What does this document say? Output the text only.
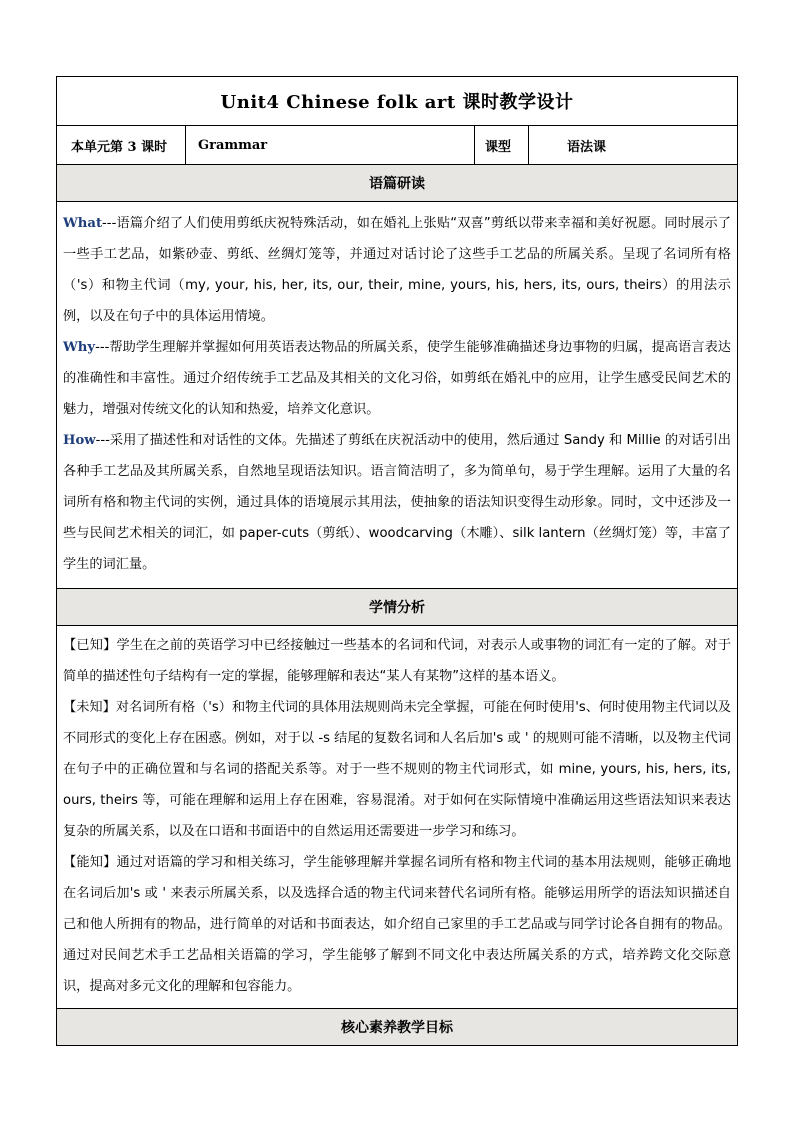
Unit4 Chinese folk art 课时教学设计
本单元第 3 课时	Grammar	课型	语法课
语篇研读

What---语篇介绍了人们使用剪纸庆祝特殊活动，如在婚礼上张贴“双喜”剪纸以带来幸福和美好祝愿。同时展示了一些手工艺品，如紫砂壶、剪纸、丝绸灯笼等，并通过对话讨论了这些手工艺品的所属关系。呈现了名词所有格（'s）和物主代词（my, your, his, her, its, our, their, mine, yours, his, hers, its, ours, theirs）的用法示例，以及在句子中的具体运用情境。

Why---帮助学生理解并掌握如何用英语表达物品的所属关系，使学生能够准确描述身边事物的归属，提高语言表达的准确性和丰富性。通过介绍传统手工艺品及其相关的文化习俗，如剪纸在婚礼中的应用，让学生感受民间艺术的魅力，增强对传统文化的认知和热爱，培养文化意识。

How---采用了描述性和对话性的文体。先描述了剪纸在庆祝活动中的使用，然后通过 Sandy 和 Millie 的对话引出各种手工艺品及其所属关系，自然地呈现语法知识。语言简洁明了，多为简单句，易于学生理解。运用了大量的名词所有格和物主代词的实例，通过具体的语境展示其用法，使抽象的语法知识变得生动形象。同时，文中还涉及一些与民间艺术相关的词汇，如 paper-cuts（剪纸）、woodcarving（木雕）、silk lantern（丝绸灯笼）等，丰富了学生的词汇量。

学情分析

【已知】学生在之前的英语学习中已经接触过一些基本的名词和代词，对表示人或事物的词汇有一定的了解。对于简单的描述性句子结构有一定的掌握，能够理解和表达“某人有某物”这样的基本语义。

【未知】对名词所有格（'s）和物主代词的具体用法规则尚未完全掌握，可能在何时使用's、何时使用物主代词以及不同形式的变化上存在困惑。例如，对于以 -s 结尾的复数名词和人名后加's 或 ' 的规则可能不清晰，以及物主代词在句子中的正确位置和与名词的搭配关系等。对于一些不规则的物主代词形式，如 mine, yours, his, hers, its, ours, theirs 等，可能在理解和运用上存在困难，容易混淆。对于如何在实际情境中准确运用这些语法知识来表达复杂的所属关系，以及在口语和书面语中的自然运用还需要进一步学习和练习。

【能知】通过对语篇的学习和相关练习，学生能够理解并掌握名词所有格和物主代词的基本用法规则，能够正确地在名词后加's 或 ' 来表示所属关系，以及选择合适的物主代词来替代名词所有格。能够运用所学的语法知识描述自己和他人所拥有的物品，进行简单的对话和书面表达，如介绍自己家里的手工艺品或与同学讨论各自拥有的物品。通过对民间艺术手工艺品相关语篇的学习，学生能够了解到不同文化中表达所属关系的方式，培养跨文化交际意识，提高对多元文化的理解和包容能力。

核心素养教学目标
